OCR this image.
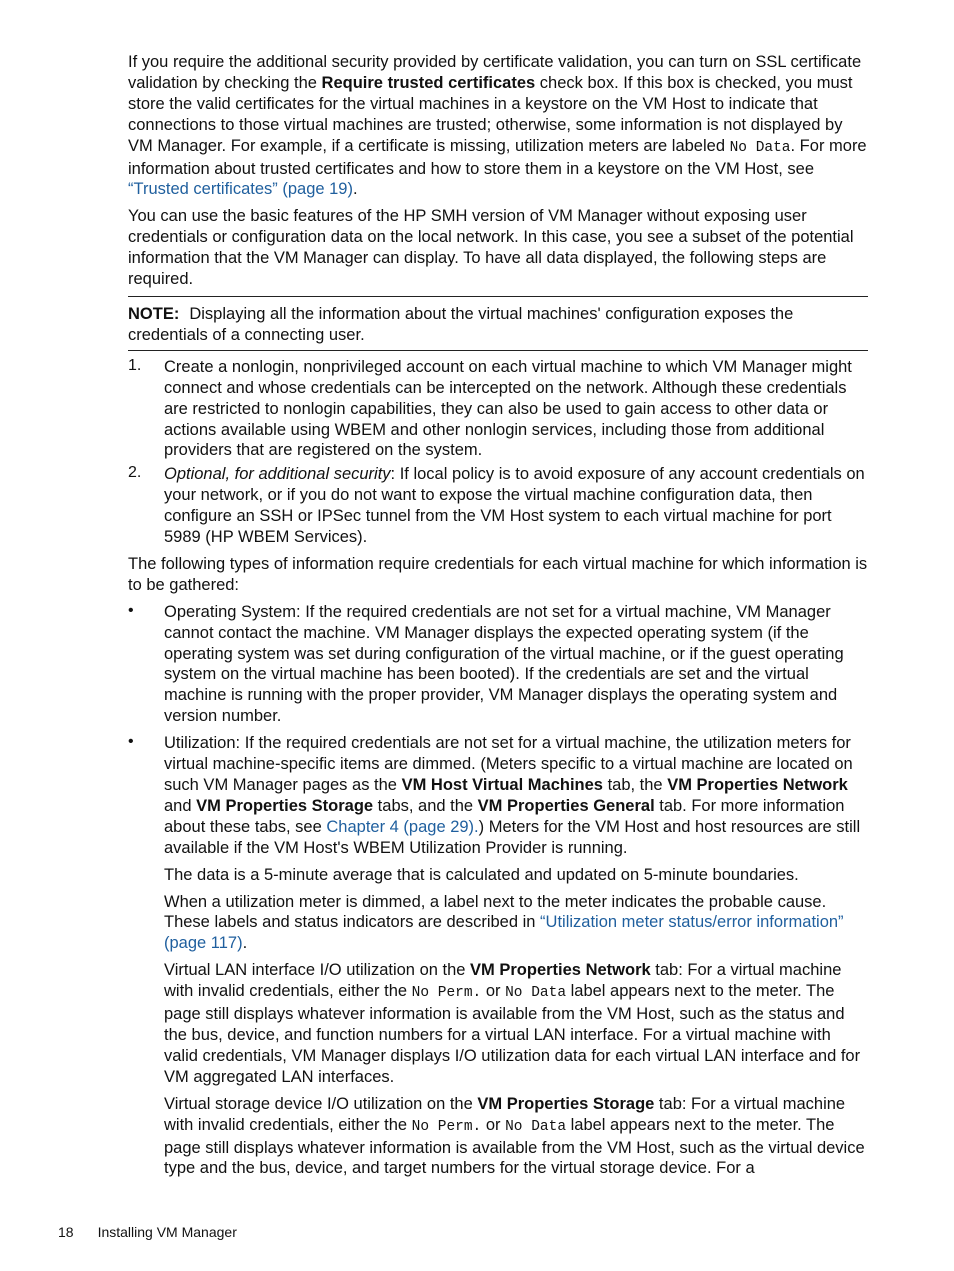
If you require the additional security provided by certificate validation, you can turn on SSL certificate validation by checking the Require trusted certificates check box. If this box is checked, you must store the valid certificates for the virtual machines in a keystore on the VM Host to indicate that connections to those virtual machines are trusted; otherwise, some information is not displayed by VM Manager. For example, if a certificate is missing, utilization meters are labeled No Data. For more information about trusted certificates and how to store them in a keystore on the VM Host, see “Trusted certificates” (page 19).

You can use the basic features of the HP SMH version of VM Manager without exposing user credentials or configuration data on the local network. In this case, you see a subset of the potential information that the VM Manager can display. To have all data displayed, the following steps are required.

NOTE: Displaying all the information about the virtual machines' configuration exposes the credentials of a connecting user.

1. Create a nonlogin, nonprivileged account on each virtual machine to which VM Manager might connect and whose credentials can be intercepted on the network. Although these credentials are restricted to nonlogin capabilities, they can also be used to gain access to other data or actions available using WBEM and other nonlogin services, including those from additional providers that are registered on the system.

2. Optional, for additional security: If local policy is to avoid exposure of any account credentials on your network, or if you do not want to expose the virtual machine configuration data, then configure an SSH or IPSec tunnel from the VM Host system to each virtual machine for port 5989 (HP WBEM Services).

The following types of information require credentials for each virtual machine for which information is to be gathered:

• Operating System: If the required credentials are not set for a virtual machine, VM Manager cannot contact the machine. VM Manager displays the expected operating system (if the operating system was set during configuration of the virtual machine, or if the guest operating system on the virtual machine has been booted). If the credentials are set and the virtual machine is running with the proper provider, VM Manager displays the operating system and version number.

• Utilization: If the required credentials are not set for a virtual machine, the utilization meters for virtual machine-specific items are dimmed. (Meters specific to a virtual machine are located on such VM Manager pages as the VM Host Virtual Machines tab, the VM Properties Network and VM Properties Storage tabs, and the VM Properties General tab. For more information about these tabs, see Chapter 4 (page 29).) Meters for the VM Host and host resources are still available if the VM Host's WBEM Utilization Provider is running.

The data is a 5-minute average that is calculated and updated on 5-minute boundaries.

When a utilization meter is dimmed, a label next to the meter indicates the probable cause. These labels and status indicators are described in “Utilization meter status/error information” (page 117).

Virtual LAN interface I/O utilization on the VM Properties Network tab: For a virtual machine with invalid credentials, either the No Perm. or No Data label appears next to the meter. The page still displays whatever information is available from the VM Host, such as the status and the bus, device, and function numbers for a virtual LAN interface. For a virtual machine with valid credentials, VM Manager displays I/O utilization data for each virtual LAN interface and for VM aggregated LAN interfaces.

Virtual storage device I/O utilization on the VM Properties Storage tab: For a virtual machine with invalid credentials, either the No Perm. or No Data label appears next to the meter. The page still displays whatever information is available from the VM Host, such as the virtual device type and the bus, device, and target numbers for the virtual storage device. For a

18 Installing VM Manager
